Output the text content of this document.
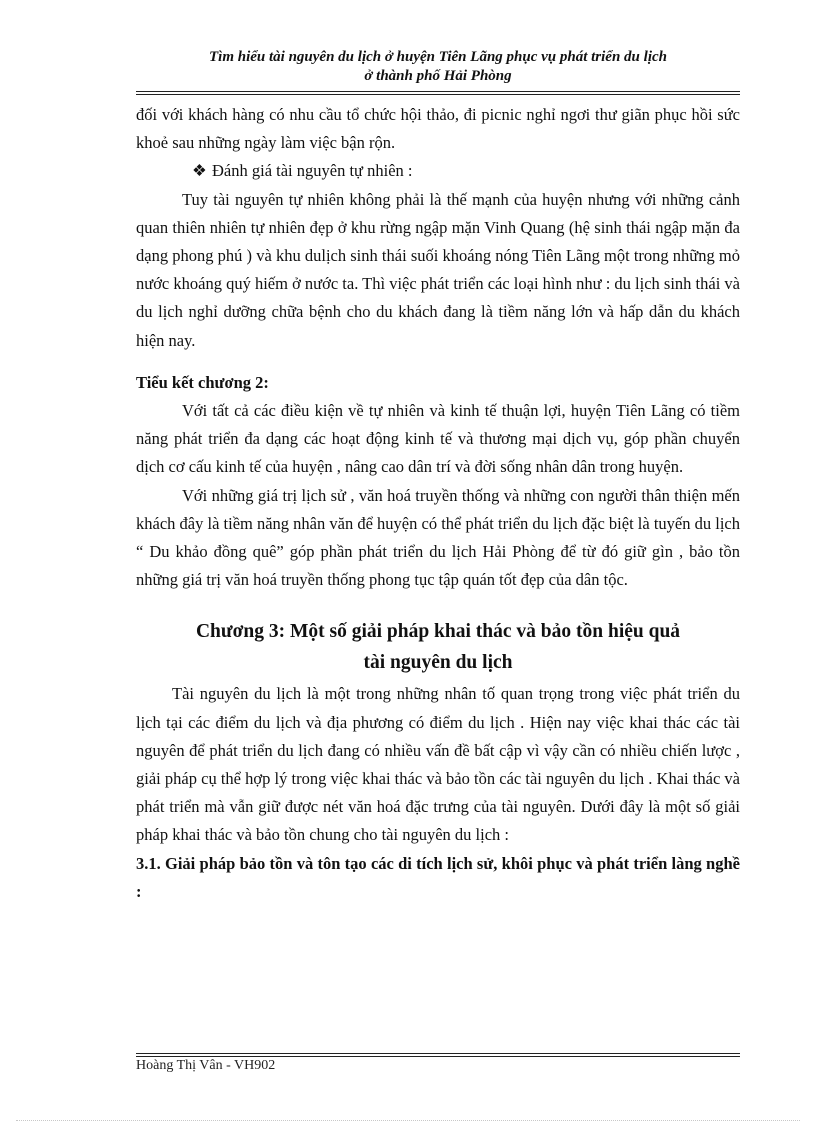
Tìm hiểu tài nguyên du lịch ở huyện Tiên Lãng phục vụ phát triển du lịch
ở thành phố Hải Phòng

đối với khách hàng có nhu cầu tổ chức hội thảo, đi picnic nghỉ ngơi thư giãn phục hồi sức khoẻ sau những ngày làm việc bận rộn.

❖ Đánh giá tài nguyên tự nhiên :

Tuy tài nguyên tự nhiên không phải là thế mạnh của huyện nhưng với những cảnh quan thiên nhiên tự nhiên đẹp ở khu rừng ngập mặn Vinh Quang (hệ sinh thái ngập mặn đa dạng phong phú ) và khu dulịch sinh thái suối khoáng nóng Tiên Lãng một trong những mỏ nước khoáng quý hiếm ở nước ta. Thì việc phát triển các loại hình như : du lịch sinh thái và du lịch nghỉ dưỡng chữa bệnh cho du khách đang là tiềm năng lớn và hấp dẫn du khách hiện nay.

Tiểu kết chương 2:

Với tất cả các điều kiện về tự nhiên và kinh tế thuận lợi, huyện Tiên Lãng có tiềm năng phát triển đa dạng các hoạt động kinh tế và thương mại dịch vụ, góp phần chuyển dịch cơ cấu kinh tế của huyện , nâng cao dân trí và đời sống nhân dân trong huyện.

Với những giá trị lịch sử , văn hoá truyền thống và những con người thân thiện mến khách đây là tiềm năng nhân văn để huyện có thể phát triển du lịch đặc biệt là tuyến du lịch “ Du khảo đồng quê” góp phần phát triển du lịch Hải Phòng để từ đó giữ gìn , bảo tồn những giá trị văn hoá truyền thống phong tục tập quán tốt đẹp của dân tộc.

Chương 3: Một số giải pháp khai thác và bảo tồn hiệu quả
tài nguyên du lịch

Tài nguyên du lịch là một trong những nhân tố quan trọng trong việc phát triển du lịch tại các điểm du lịch và địa phương có điểm du lịch . Hiện nay việc khai thác các tài nguyên để phát triển du lịch đang có nhiều vấn đề bất cập vì vậy cần có nhiều chiến lược , giải pháp cụ thể hợp lý trong việc khai thác và bảo tồn các tài nguyên du lịch . Khai thác và phát triển mà vẫn giữ được nét văn hoá đặc trưng của tài nguyên. Dưới đây là một số giải pháp khai thác và bảo tồn chung cho tài nguyên du lịch :

3.1. Giải pháp bảo tồn và tôn tạo các di tích lịch sử, khôi phục và phát triển làng nghề :

Hoàng Thị Vân - VH902
